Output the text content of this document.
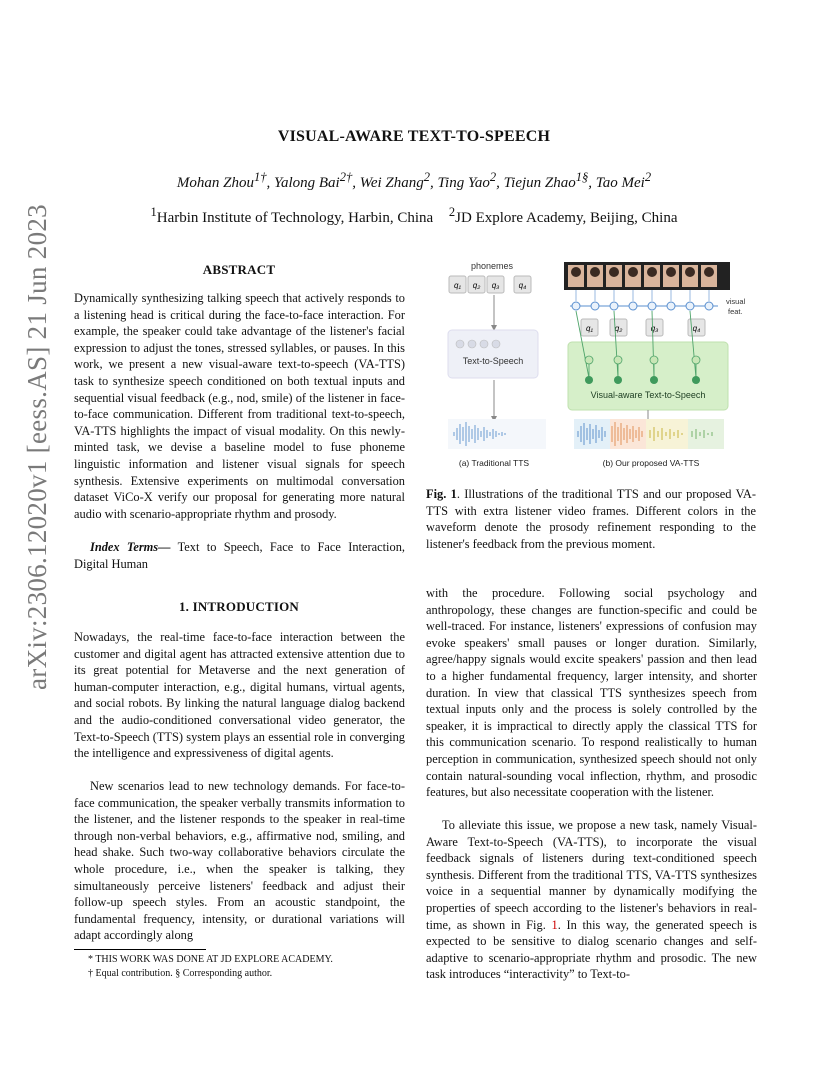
arXiv:2306.12020v1 [eess.AS] 21 Jun 2023
VISUAL-AWARE TEXT-TO-SPEECH
Mohan Zhou$^{1\dagger}$, Yalong Bai$^{2\dagger}$, Wei Zhang$^2$, Ting Yao$^2$, Tiejun Zhao$^{1\S}$, Tao Mei$^2$
$^1$Harbin Institute of Technology, Harbin, China $^2$JD Explore Academy, Beijing, China
ABSTRACT
Dynamically synthesizing talking speech that actively responds to a listening head is critical during the face-to-face interaction. For example, the speaker could take advantage of the listener's facial expression to adjust the tones, stressed syllables, or pauses. In this work, we present a new visual-aware text-to-speech (VA-TTS) task to synthesize speech conditioned on both textual inputs and sequential visual feedback (e.g., nod, smile) of the listener in face-to-face communication. Different from traditional text-to-speech, VA-TTS highlights the impact of visual modality. On this newly-minted task, we devise a baseline model to fuse phoneme linguistic information and listener visual signals for speech synthesis. Extensive experiments on multimodal conversation dataset ViCo-X verify our proposal for generating more natural audio with scenario-appropriate rhythm and prosody.
Index Terms— Text to Speech, Face to Face Interaction, Digital Human
1. INTRODUCTION
Nowadays, the real-time face-to-face interaction between the customer and digital agent has attracted extensive attention due to its great potential for Metaverse and the next generation of human-computer interaction, e.g., digital humans, virtual agents, and social robots. By linking the natural language dialog backend and the audio-conditioned conversational video generator, the Text-to-Speech (TTS) system plays an essential role in converging the intelligence and expressiveness of digital agents.
New scenarios lead to new technology demands. For face-to-face communication, the speaker verbally transmits information to the listener, and the listener responds to the speaker in real-time through non-verbal behaviors, e.g., affirmative nod, smiling, and head shake. Such two-way collaborative behaviors circulate the whole procedure, i.e., when the speaker is talking, they simultaneously perceive listeners' feedback and adjust their follow-up speech styles. From an acoustic standpoint, the fundamental frequency, intensity, or durational variations will adapt accordingly along
* THIS WORK WAS DONE AT JD EXPLORE ACADEMY.
† Equal contribution. § Corresponding author.
phonemes
q₁ q₂ q₃ q₄
Text-to-Speech
(a) Traditional TTS
visual
feat.
q₁	q₂	q₃	q₄
Visual-aware Text-to-Speech
(b) Our proposed VA-TTS
Fig. 1. Illustrations of the traditional TTS and our proposed VA-TTS with extra listener video frames. Different colors in the waveform denote the prosody refinement responding to the listener's feedback from the previous moment.
with the procedure. Following social psychology and anthropology, these changes are function-specific and could be well-traced. For instance, listeners' expressions of confusion may evoke speakers' small pauses or longer duration. Similarly, agree/happy signals would excite speakers' passion and then lead to a higher fundamental frequency, larger intensity, and shorter duration. In view that classical TTS synthesizes speech from textual inputs only and the process is solely controlled by the speaker, it is impractical to directly apply the classical TTS for this communication scenario. To respond realistically to human perception in communication, synthesized speech should not only contain natural-sounding vocal inflection, rhythm, and prosodic features, but also necessitate cooperation with the listener.
To alleviate this issue, we propose a new task, namely Visual-Aware Text-to-Speech (VA-TTS), to incorporate the visual feedback signals of listeners during text-conditioned speech synthesis. Different from the traditional TTS, VA-TTS synthesizes voice in a sequential manner by dynamically modifying the properties of speech according to the listener's behaviors in real-time, as shown in Fig. 1. In this way, the generated speech is expected to be sensitive to dialog scenario changes and self-adaptive to scenario-appropriate rhythm and prosodic. The new task introduces “interactivity” to Text-to-
